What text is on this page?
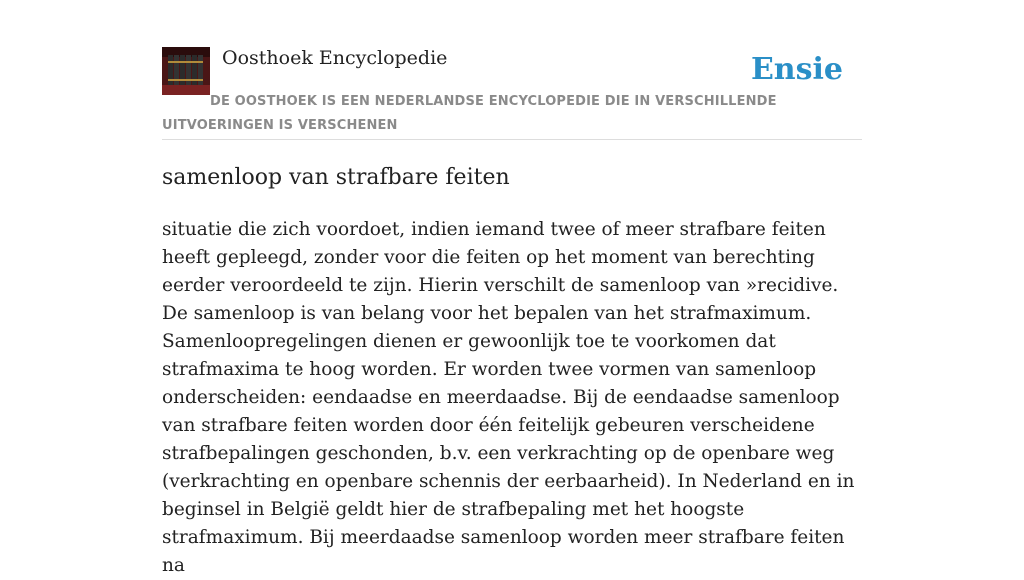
Oosthoek Encyclopedie	Ensie
DE OOSTHOEK IS EEN NEDERLANDSE ENCYCLOPEDIE DIE IN VERSCHILLENDE UITVOERINGEN IS VERSCHENEN
samenloop van strafbare feiten

situatie die zich voordoet, indien iemand twee of meer strafbare feiten heeft gepleegd, zonder voor die feiten op het moment van berechting eerder veroordeeld te zijn. Hierin verschilt de samenloop van »recidive. De samenloop is van belang voor het bepalen van het strafmaximum. Samenloopregelingen dienen er gewoonlijk toe te voorkomen dat strafmaxima te hoog worden. Er worden twee vormen van samenloop onderscheiden: eendaadse en meerdaadse. Bij de eendaadse samenloop van strafbare feiten worden door één feitelijk gebeuren verscheidene strafbepalingen geschonden, b.v. een verkrachting op de openbare weg (verkrachting en openbare schennis der eerbaarheid). In Nederland en in beginsel in België geldt hier de strafbepaling met het hoogste strafmaximum. Bij meerdaadse samenloop worden meer strafbare feiten na
